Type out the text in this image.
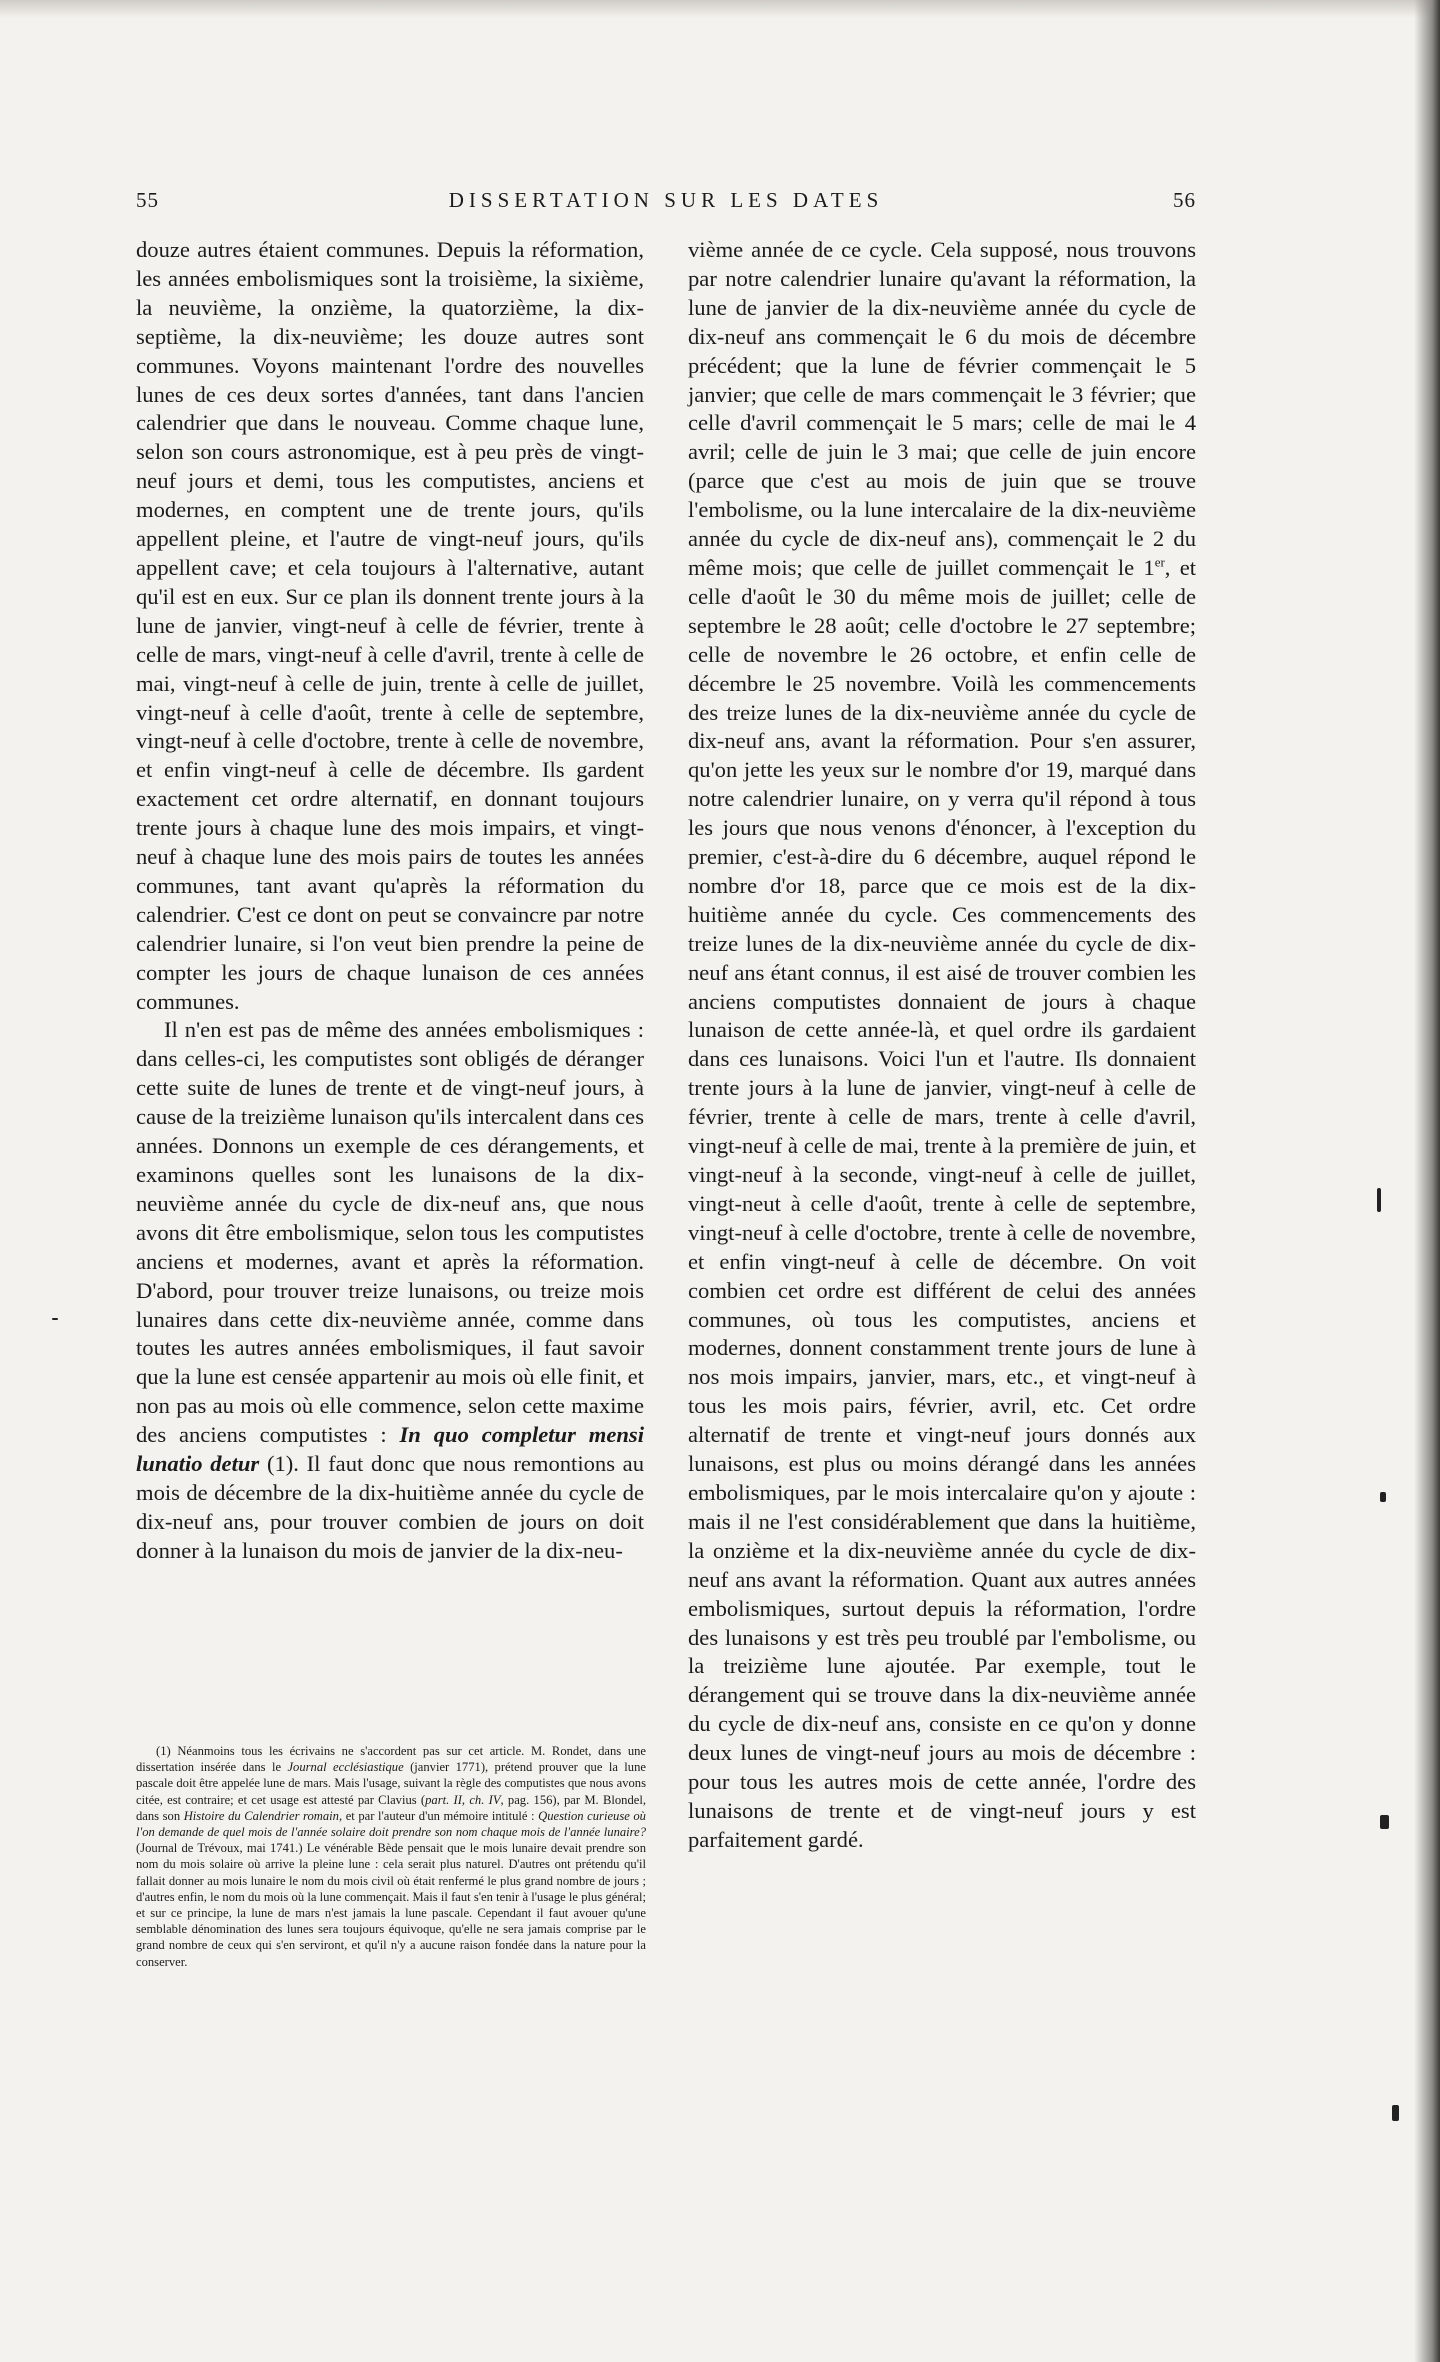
55	DISSERTATION SUR LES DATES	56

douze autres étaient communes. Depuis la réformation, les années embolismiques sont la troisième, la sixième, la neuvième, la onzième, la quatorzième, la dix-septième, la dix-neuvième; les douze autres sont communes. Voyons maintenant l'ordre des nouvelles lunes de ces deux sortes d'années, tant dans l'ancien calendrier que dans le nouveau. Comme chaque lune, selon son cours astronomique, est à peu près de vingt-neuf jours et demi, tous les computistes, anciens et modernes, en comptent une de trente jours, qu'ils appellent pleine, et l'autre de vingt-neuf jours, qu'ils appellent cave; et cela toujours à l'alternative, autant qu'il est en eux. Sur ce plan ils donnent trente jours à la lune de janvier, vingt-neuf à celle de février, trente à celle de mars, vingt-neuf à celle d'avril, trente à celle de mai, vingt-neuf à celle de juin, trente à celle de juillet, vingt-neuf à celle d'août, trente à celle de septembre, vingt-neuf à celle d'octobre, trente à celle de novembre, et enfin vingt-neuf à celle de décembre. Ils gardent exactement cet ordre alternatif, en donnant toujours trente jours à chaque lune des mois impairs, et vingt-neuf à chaque lune des mois pairs de toutes les années communes, tant avant qu'après la réformation du calendrier. C'est ce dont on peut se convaincre par notre calendrier lunaire, si l'on veut bien prendre la peine de compter les jours de chaque lunaison de ces années communes.

Il n'en est pas de même des années embolismiques : dans celles-ci, les computistes sont obligés de déranger cette suite de lunes de trente et de vingt-neuf jours, à cause de la treizième lunaison qu'ils intercalent dans ces années. Donnons un exemple de ces dérangements, et examinons quelles sont les lunaisons de la dix-neuvième année du cycle de dix-neuf ans, que nous avons dit être embolismique, selon tous les computistes anciens et modernes, avant et après la réformation. D'abord, pour trouver treize lunaisons, ou treize mois lunaires dans cette dix-neuvième année, comme dans toutes les autres années embolismiques, il faut savoir que la lune est censée appartenir au mois où elle finit, et non pas au mois où elle commence, selon cette maxime des anciens computistes : In quo completur mensi lunatio detur (1). Il faut donc que nous remontions au mois de décembre de la dix-huitième année du cycle de dix-neuf ans, pour trouver combien de jours on doit donner à la lunaison du mois de janvier de la dix-neu-

vième année de ce cycle. Cela supposé, nous trouvons par notre calendrier lunaire qu'avant la réformation, la lune de janvier de la dix-neuvième année du cycle de dix-neuf ans commençait le 6 du mois de décembre précédent; que la lune de février commençait le 5 janvier; que celle de mars commençait le 3 février; que celle d'avril commençait le 5 mars; celle de mai le 4 avril; celle de juin le 3 mai; que celle de juin encore (parce que c'est au mois de juin que se trouve l'embolisme, ou la lune intercalaire de la dix-neuvième année du cycle de dix-neuf ans), commençait le 2 du même mois; que celle de juillet commençait le 1er, et celle d'août le 30 du même mois de juillet; celle de septembre le 28 août; celle d'octobre le 27 septembre; celle de novembre le 26 octobre, et enfin celle de décembre le 25 novembre. Voilà les commencements des treize lunes de la dix-neuvième année du cycle de dix-neuf ans, avant la réformation. Pour s'en assurer, qu'on jette les yeux sur le nombre d'or 19, marqué dans notre calendrier lunaire, on y verra qu'il répond à tous les jours que nous venons d'énoncer, à l'exception du premier, c'est-à-dire du 6 décembre, auquel répond le nombre d'or 18, parce que ce mois est de la dix-huitième année du cycle. Ces commencements des treize lunes de la dix-neuvième année du cycle de dix-neuf ans étant connus, il est aisé de trouver combien les anciens computistes donnaient de jours à chaque lunaison de cette année-là, et quel ordre ils gardaient dans ces lunaisons. Voici l'un et l'autre. Ils donnaient trente jours à la lune de janvier, vingt-neuf à celle de février, trente à celle de mars, trente à celle d'avril, vingt-neuf à celle de mai, trente à la première de juin, et vingt-neuf à la seconde, vingt-neuf à celle de juillet, vingt-neut à celle d'août, trente à celle de septembre, vingt-neuf à celle d'octobre, trente à celle de novembre, et enfin vingt-neuf à celle de décembre. On voit combien cet ordre est différent de celui des années communes, où tous les computistes, anciens et modernes, donnent constamment trente jours de lune à nos mois impairs, janvier, mars, etc., et vingt-neuf à tous les mois pairs, février, avril, etc. Cet ordre alternatif de trente et vingt-neuf jours donnés aux lunaisons, est plus ou moins dérangé dans les années embolismiques, par le mois intercalaire qu'on y ajoute : mais il ne l'est considérablement que dans la huitième, la onzième et la dix-neuvième année du cycle de dix-neuf ans avant la réformation. Quant aux autres années embolismiques, surtout depuis la réformation, l'ordre des lunaisons y est très peu troublé par l'embolisme, ou la treizième lune ajoutée. Par exemple, tout le dérangement qui se trouve dans la dix-neuvième année du cycle de dix-neuf ans, consiste en ce qu'on y donne deux lunes de vingt-neuf jours au mois de décembre : pour tous les autres mois de cette année, l'ordre des lunaisons de trente et de vingt-neuf jours y est parfaitement gardé.

(1) Néanmoins tous les écrivains ne s'accordent pas sur cet article. M. Rondet, dans une dissertation insérée dans le Journal ecclésiastique (janvier 1771), prétend prouver que la lune pascale doit être appelée lune de mars. Mais l'usage, suivant la règle des computistes que nous avons citée, est contraire; et cet usage est attesté par Clavius (part. II, ch. IV, pag. 156), par M. Blondel, dans son Histoire du Calendrier romain, et par l'auteur d'un mémoire intitulé : Question curieuse où l'on demande de quel mois de l'année solaire doit prendre son nom chaque mois de l'année lunaire? (Journal de Trévoux, mai 1741.) Le vénérable Bède pensait que le mois lunaire devait prendre son nom du mois solaire où arrive la pleine lune : cela serait plus naturel. D'autres ont prétendu qu'il fallait donner au mois lunaire le nom du mois civil où était renfermé le plus grand nombre de jours ; d'autres enfin, le nom du mois où la lune commençait. Mais il faut s'en tenir à l'usage le plus général; et sur ce principe, la lune de mars n'est jamais la lune pascale. Cependant il faut avouer qu'une semblable dénomination des lunes sera toujours équivoque, qu'elle ne sera jamais comprise par le grand nombre de ceux qui s'en serviront, et qu'il n'y a aucune raison fondée dans la nature pour la conserver.
